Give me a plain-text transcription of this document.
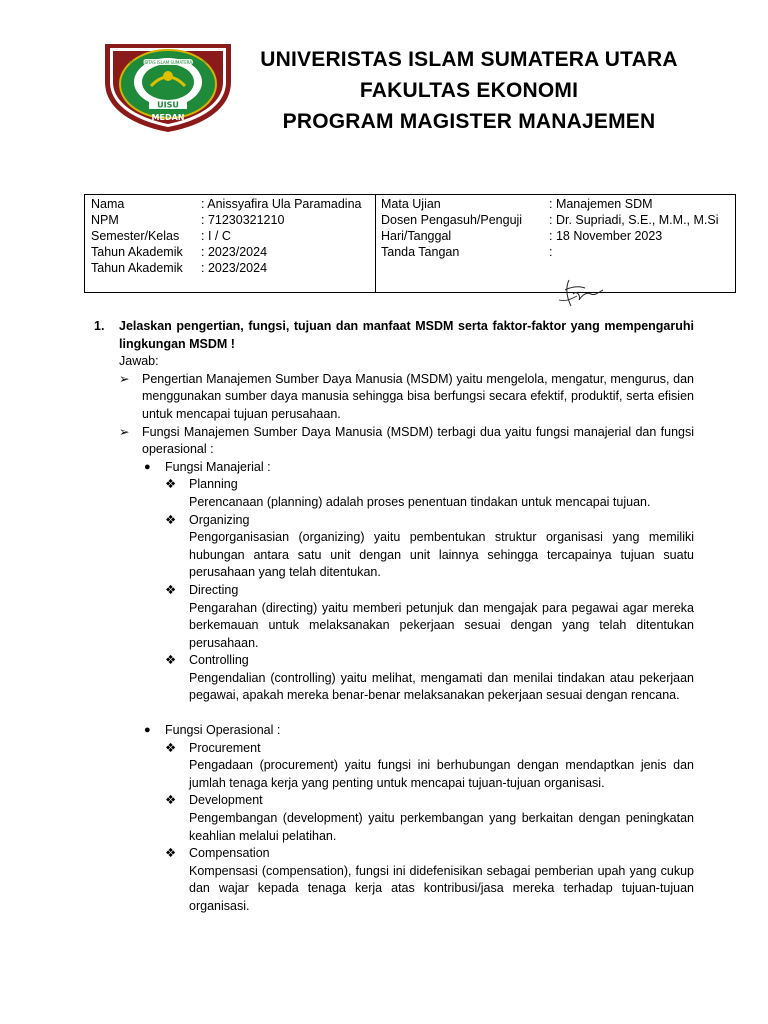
UNIVERSITAS ISLAM SUMATERA UTARA
UISU
MEDAN
UNIVERISTAS ISLAM SUMATERA UTARA
FAKULTAS EKONOMI
PROGRAM MAGISTER MANAJEMEN
Nama	: Anissyafira Ula Paramadina
NPM	: 71230321210
Semester/Kelas : I / C
Tahun Akademik : 2023/2024
Tahun Akademik : 2023/2024
Mata Ujian	: Manajemen SDM
Dosen Pengasuh/Penguji : Dr. Supriadi, S.E., M.M., M.Si
Hari/Tanggal	: 18 November 2023
Tanda Tangan	:
1. Jelaskan pengertian, fungsi, tujuan dan manfaat MSDM serta faktor-faktor yang mempengaruhi lingkungan MSDM !
Jawab:
➢ Pengertian Manajemen Sumber Daya Manusia (MSDM) yaitu mengelola, mengatur, mengurus, dan menggunakan sumber daya manusia sehingga bisa berfungsi secara efektif, produktif, serta efisien untuk mencapai tujuan perusahaan.
➢ Fungsi Manajemen Sumber Daya Manusia (MSDM) terbagi dua yaitu fungsi manajerial dan fungsi operasional :
● Fungsi Manajerial :
❖ Planning
Perencanaan (planning) adalah proses penentuan tindakan untuk mencapai tujuan.
❖ Organizing
Pengorganisasian (organizing) yaitu pembentukan struktur organisasi yang memiliki hubungan antara satu unit dengan unit lainnya sehingga tercapainya tujuan suatu perusahaan yang telah ditentukan.
❖ Directing
Pengarahan (directing) yaitu memberi petunjuk dan mengajak para pegawai agar mereka berkemauan untuk melaksanakan pekerjaan sesuai dengan yang telah ditentukan perusahaan.
❖ Controlling
Pengendalian (controlling) yaitu melihat, mengamati dan menilai tindakan atau pekerjaan pegawai, apakah mereka benar-benar melaksanakan pekerjaan sesuai dengan rencana.
● Fungsi Operasional :
❖ Procurement
Pengadaan (procurement) yaitu fungsi ini berhubungan dengan mendaptkan jenis dan jumlah tenaga kerja yang penting untuk mencapai tujuan-tujuan organisasi.
❖ Development
Pengembangan (development) yaitu perkembangan yang berkaitan dengan peningkatan keahlian melalui pelatihan.
❖ Compensation
Kompensasi (compensation), fungsi ini didefenisikan sebagai pemberian upah yang cukup dan wajar kepada tenaga kerja atas kontribusi/jasa mereka terhadap tujuan-tujuan organisasi.
